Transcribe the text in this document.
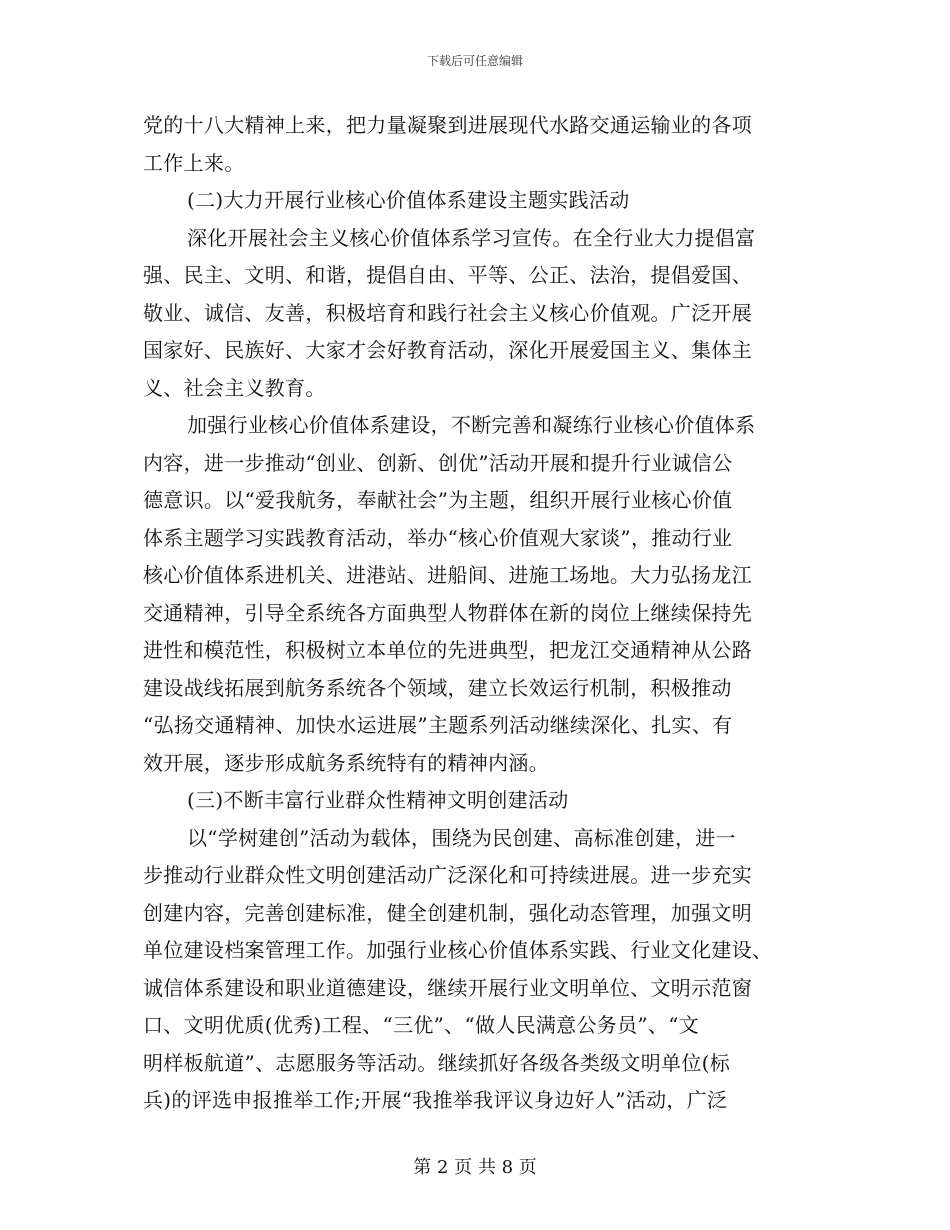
下载后可任意编辑
党的十八大精神上来，把力量凝聚到进展现代水路交通运输业的各项
工作上来。
(二)大力开展行业核心价值体系建设主题实践活动
深化开展社会主义核心价值体系学习宣传。在全行业大力提倡富
强、民主、文明、和谐，提倡自由、平等、公正、法治，提倡爱国、
敬业、诚信、友善，积极培育和践行社会主义核心价值观。广泛开展
国家好、民族好、大家才会好教育活动，深化开展爱国主义、集体主
义、社会主义教育。
加强行业核心价值体系建设，不断完善和凝练行业核心价值体系
内容，进一步推动“创业、创新、创优”活动开展和提升行业诚信公
德意识。以“爱我航务，奉献社会”为主题，组织开展行业核心价值
体系主题学习实践教育活动，举办“核心价值观大家谈”，推动行业
核心价值体系进机关、进港站、进船间、进施工场地。大力弘扬龙江
交通精神，引导全系统各方面典型人物群体在新的岗位上继续保持先
进性和模范性，积极树立本单位的先进典型，把龙江交通精神从公路
建设战线拓展到航务系统各个领域，建立长效运行机制，积极推动
“弘扬交通精神、加快水运进展”主题系列活动继续深化、扎实、有
效开展，逐步形成航务系统特有的精神内涵。
(三)不断丰富行业群众性精神文明创建活动
以“学树建创”活动为载体，围绕为民创建、高标准创建，进一
步推动行业群众性文明创建活动广泛深化和可持续进展。进一步充实
创建内容，完善创建标准，健全创建机制，强化动态管理，加强文明
单位建设档案管理工作。加强行业核心价值体系实践、行业文化建设、
诚信体系建设和职业道德建设，继续开展行业文明单位、文明示范窗
口、文明优质(优秀)工程、“三优”、“做人民满意公务员”、“文
明样板航道”、志愿服务等活动。继续抓好各级各类级文明单位(标
兵)的评选申报推举工作;开展“我推举我评议身边好人”活动，广泛
第 2 页 共 8 页
